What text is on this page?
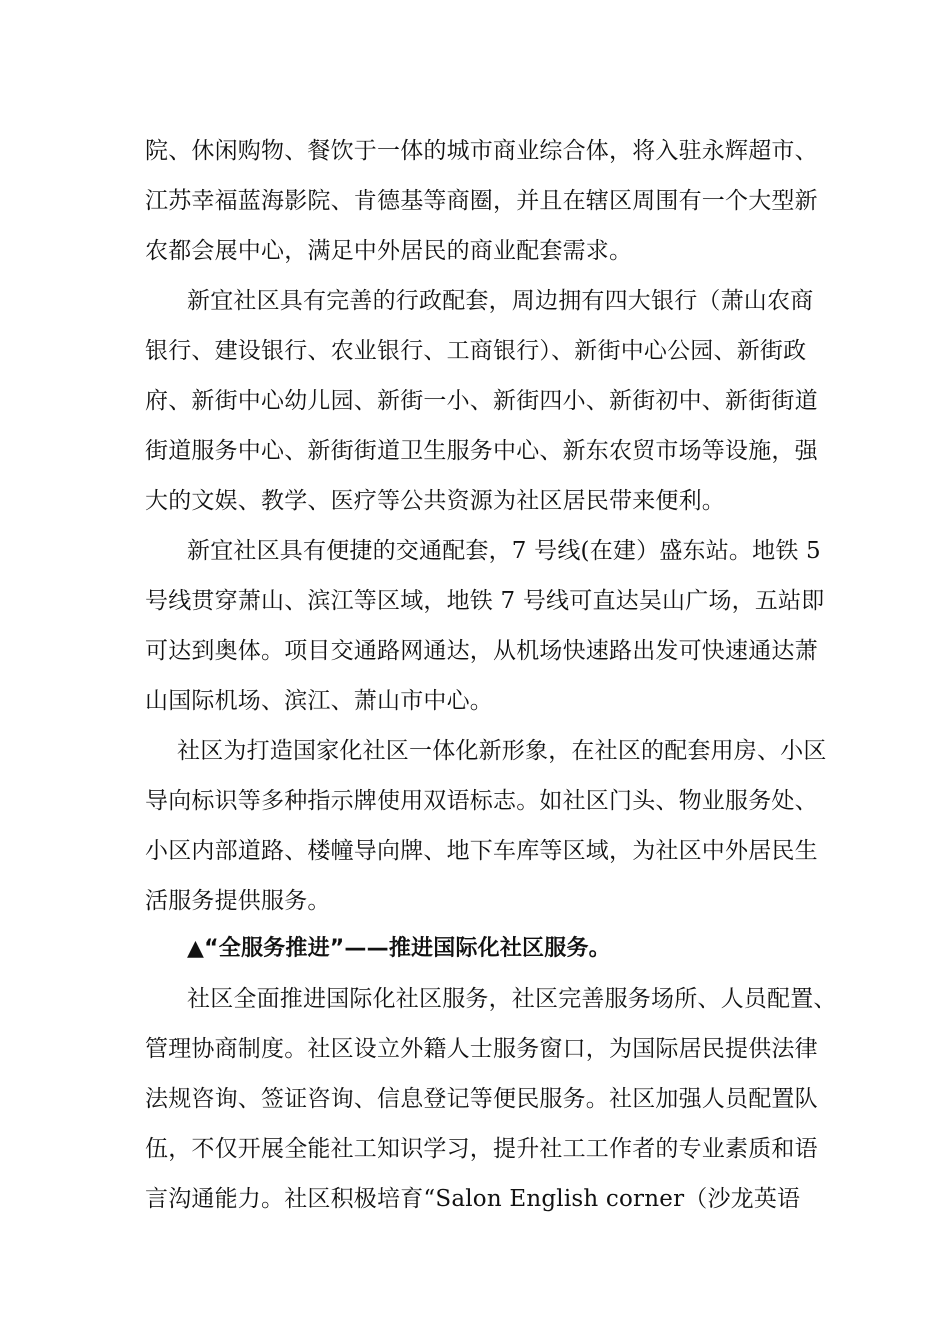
院、休闲购物、餐饮于一体的城市商业综合体，将入驻永辉超市、
江苏幸福蓝海影院、肯德基等商圈，并且在辖区周围有一个大型新
农都会展中心，满足中外居民的商业配套需求。
新宜社区具有完善的行政配套，周边拥有四大银行（萧山农商
银行、建设银行、农业银行、工商银行）、新街中心公园、新街政
府、新街中心幼儿园、新街一小、新街四小、新街初中、新街街道
街道服务中心、新街街道卫生服务中心、新东农贸市场等设施，强
大的文娱、教学、医疗等公共资源为社区居民带来便利。
新宜社区具有便捷的交通配套，7 号线(在建）盛东站。地铁 5
号线贯穿萧山、滨江等区域，地铁 7 号线可直达吴山广场，五站即
可达到奥体。项目交通路网通达，从机场快速路出发可快速通达萧
山国际机场、滨江、萧山市中心。
社区为打造国家化社区一体化新形象，在社区的配套用房、小区
导向标识等多种指示牌使用双语标志。如社区门头、物业服务处、
小区内部道路、楼幢导向牌、地下车库等区域，为社区中外居民生
活服务提供服务。
▲“全服务推进”——推进国际化社区服务。
社区全面推进国际化社区服务，社区完善服务场所、人员配置、
管理协商制度。社区设立外籍人士服务窗口，为国际居民提供法律
法规咨询、签证咨询、信息登记等便民服务。社区加强人员配置队
伍，不仅开展全能社工知识学习，提升社工工作者的专业素质和语
言沟通能力。社区积极培育“Salon English corner（沙龙英语
